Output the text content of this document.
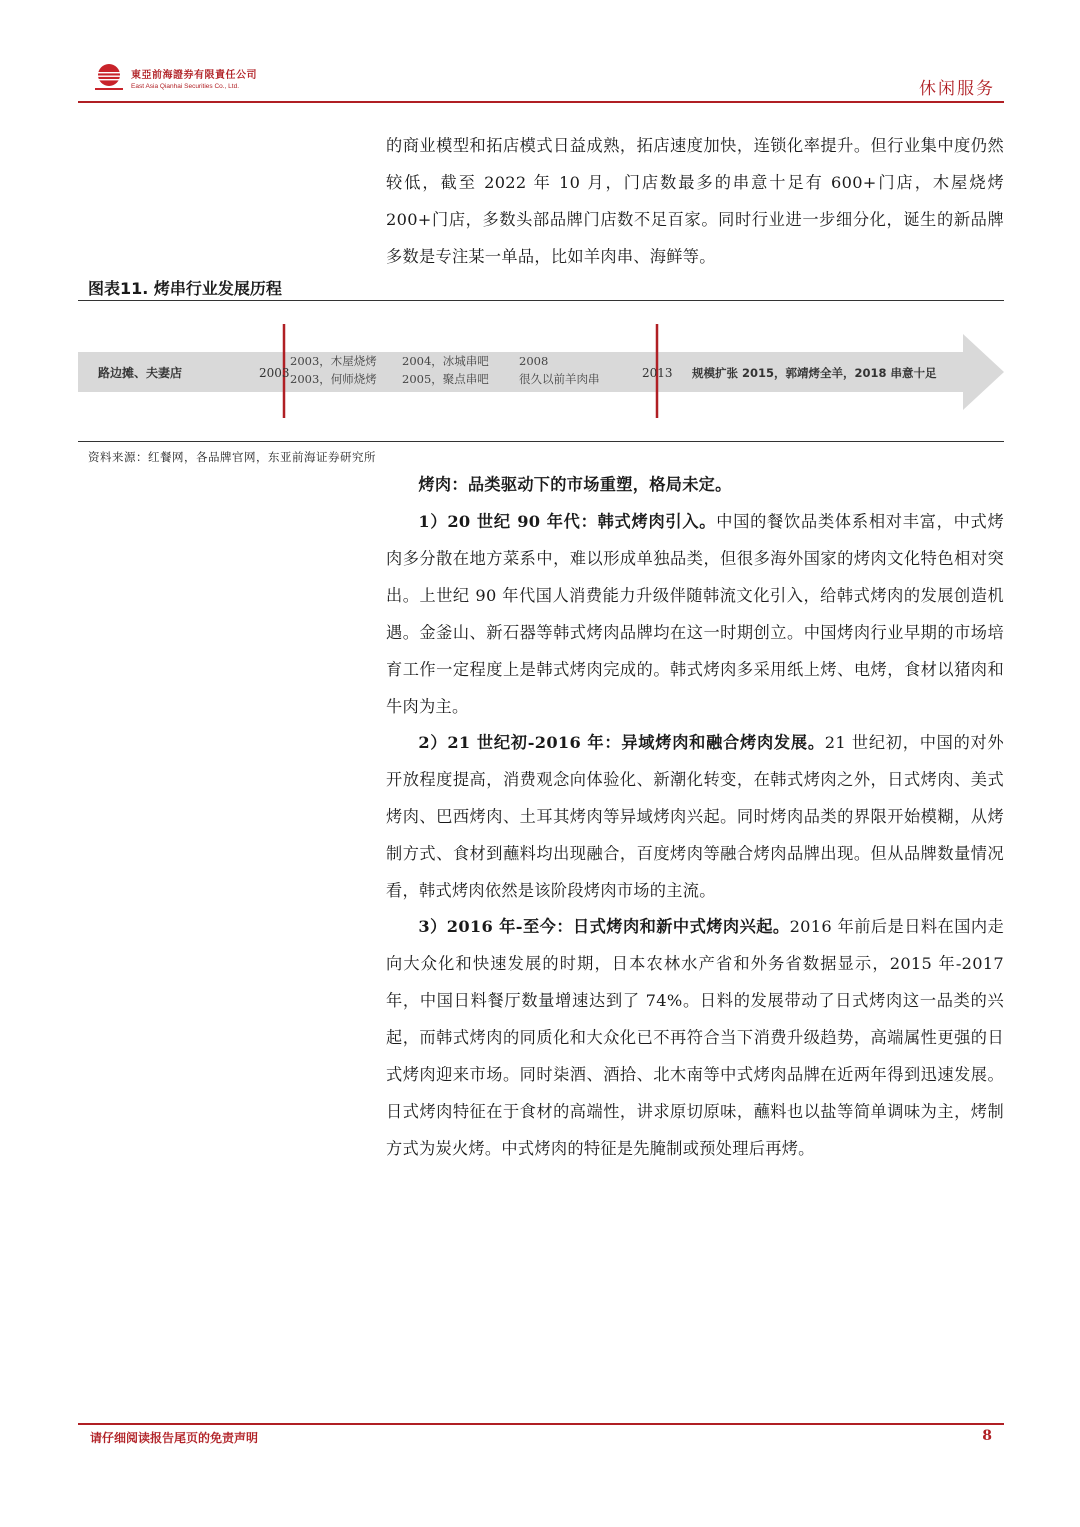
東亞前海證券有限責任公司
East Asia Qianhai Securities Co., Ltd.	休闲服务
的商业模型和拓店模式日益成熟，拓店速度加快，连锁化率提升。但行业集中度仍然较低，截至 2022 年 10 月，门店数最多的串意十足有 600+门店，木屋烧烤 200+门店，多数头部品牌门店数不足百家。同时行业进一步细分化，诞生的新品牌多数是专注某一单品，比如羊肉串、海鲜等。
图表11. 烤串行业发展历程
路边摊、夫妻店	2003
2003，木屋烧烤
2003，何师烧烤
2004，冰城串吧
2005，聚点串吧
2008
很久以前羊肉串	2013 规模扩张 2015，郭靖烤全羊，2018 串意十足
资料来源：红餐网，各品牌官网，东亚前海证券研究所
烤肉：品类驱动下的市场重塑，格局未定。
1）20 世纪 90 年代：韩式烤肉引入。中国的餐饮品类体系相对丰富，中式烤肉多分散在地方菜系中，难以形成单独品类，但很多海外国家的烤肉文化特色相对突出。上世纪 90 年代国人消费能力升级伴随韩流文化引入，给韩式烤肉的发展创造机遇。金釜山、新石器等韩式烤肉品牌均在这一时期创立。中国烤肉行业早期的市场培育工作一定程度上是韩式烤肉完成的。韩式烤肉多采用纸上烤、电烤，食材以猪肉和牛肉为主。
2）21 世纪初-2016 年：异域烤肉和融合烤肉发展。21 世纪初，中国的对外开放程度提高，消费观念向体验化、新潮化转变，在韩式烤肉之外，日式烤肉、美式烤肉、巴西烤肉、土耳其烤肉等异域烤肉兴起。同时烤肉品类的界限开始模糊，从烤制方式、食材到蘸料均出现融合，百度烤肉等融合烤肉品牌出现。但从品牌数量情况看，韩式烤肉依然是该阶段烤肉市场的主流。
3）2016 年-至今：日式烤肉和新中式烤肉兴起。2016 年前后是日料在国内走向大众化和快速发展的时期，日本农林水产省和外务省数据显示，2015 年-2017 年，中国日料餐厅数量增速达到了 74%。日料的发展带动了日式烤肉这一品类的兴起，而韩式烤肉的同质化和大众化已不再符合当下消费升级趋势，高端属性更强的日式烤肉迎来市场。同时柒酒、酒拾、北木南等中式烤肉品牌在近两年得到迅速发展。日式烤肉特征在于食材的高端性，讲求原切原味，蘸料也以盐等简单调味为主，烤制方式为炭火烤。中式烤肉的特征是先腌制或预处理后再烤。
请仔细阅读报告尾页的免责声明	8
